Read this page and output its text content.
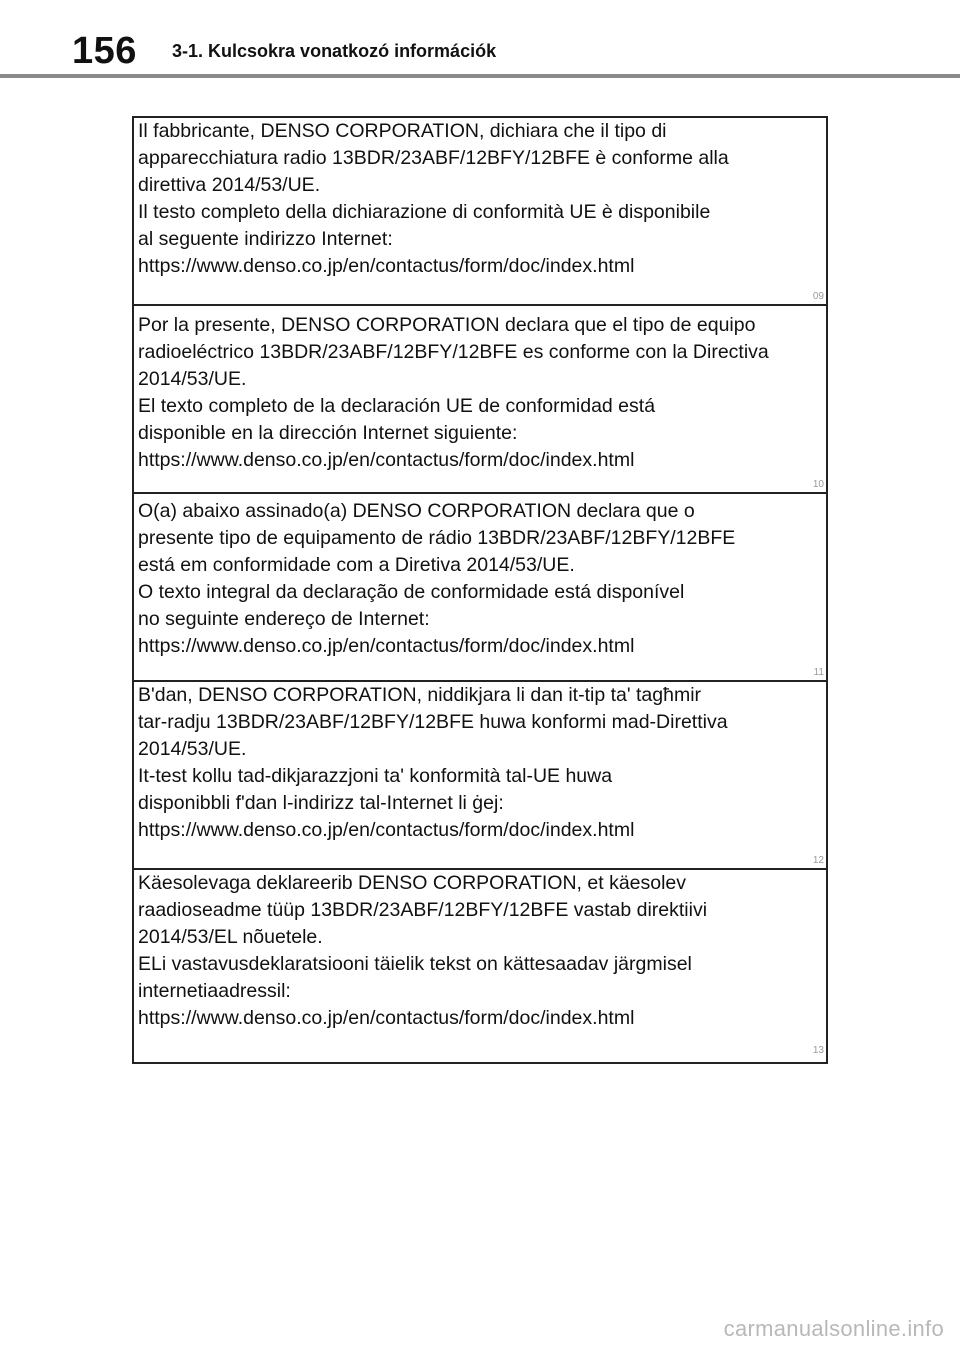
156 3-1. Kulcsokra vonatkozó információk
Il fabbricante, DENSO CORPORATION, dichiara che il tipo di
apparecchiatura radio 13BDR/23ABF/12BFY/12BFE è conforme alla
direttiva 2014/53/UE.
Il testo completo della dichiarazione di conformità UE è disponibile
al seguente indirizzo Internet:
https://www.denso.co.jp/en/contactus/form/doc/index.html
09
Por la presente, DENSO CORPORATION declara que el tipo de equipo
radioeléctrico 13BDR/23ABF/12BFY/12BFE es conforme con la Directiva
2014/53/UE.
El texto completo de la declaración UE de conformidad está
disponible en la dirección Internet siguiente:
https://www.denso.co.jp/en/contactus/form/doc/index.html
10
O(a) abaixo assinado(a) DENSO CORPORATION declara que o
presente tipo de equipamento de rádio 13BDR/23ABF/12BFY/12BFE
está em conformidade com a Diretiva 2014/53/UE.
O texto integral da declaração de conformidade está disponível
no seguinte endereço de Internet:
https://www.denso.co.jp/en/contactus/form/doc/index.html
11
B'dan, DENSO CORPORATION, niddikjara li dan it-tip ta' tagħmir
tar-radju 13BDR/23ABF/12BFY/12BFE huwa konformi mad-Direttiva
2014/53/UE.
It-test kollu tad-dikjarazzjoni ta' konformità tal-UE huwa
disponibbli f'dan l-indirizz tal-Internet li ġej:
https://www.denso.co.jp/en/contactus/form/doc/index.html
12
Käesolevaga deklareerib DENSO CORPORATION, et käesolev
raadioseadme tüüp 13BDR/23ABF/12BFY/12BFE vastab direktiivi
2014/53/EL nõuetele.
ELi vastavusdeklaratsiooni täielik tekst on kättesaadav järgmisel
internetiaadressil:
https://www.denso.co.jp/en/contactus/form/doc/index.html
13
carmanualsonline.info
